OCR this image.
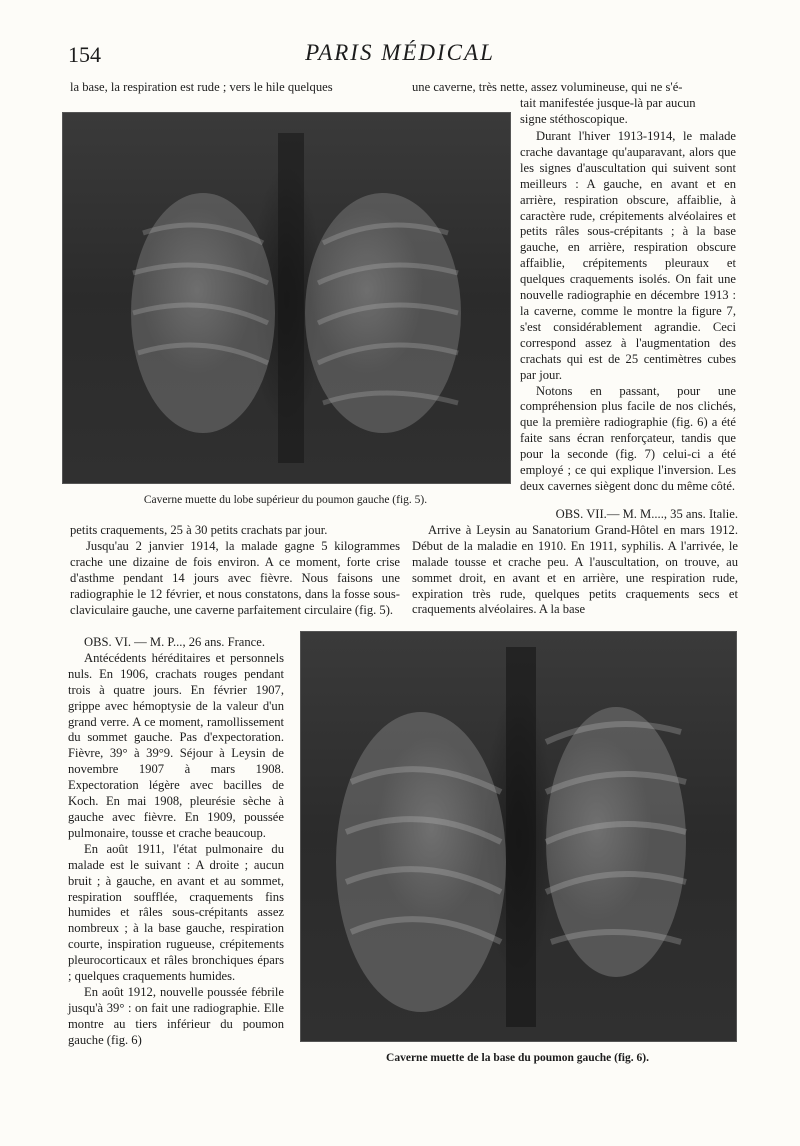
154	PARIS MÉDICAL
la base, la respiration est rude ; vers le hile quelques	une caverne, très nette, assez volumineuse, qui ne s'é-

tait manifestée jusque-là par aucun

signe stéthoscopique.

Caverne muette du lobe supérieur du poumon gauche (fig. 5).

Durant l'hiver 1913-1914, le malade crache davantage qu'auparavant, alors que les signes d'auscultation qui suivent sont meilleurs : A gauche, en avant et en arrière, respiration obscure, affaiblie, à caractère rude, crépitements alvéolaires et petits râles sous-crépitants ; à la base gauche, en arrière, respiration obscure affaiblie, crépitements pleuraux et quelques craquements isolés. On fait une nouvelle radiographie en décembre 1913 : la caverne, comme le montre la figure 7, s'est considérablement agrandie. Ceci correspond assez à l'augmentation des crachats qui est de 25 centimètres cubes par jour.

Notons en passant, pour une compréhension plus facile de nos clichés, que la première radiographie (fig. 6) a été faite sans écran renforçateur, tandis que pour la seconde (fig. 7) celui-ci a été employé ; ce qui explique l'inversion. Les deux cavernes siègent donc du même côté.

OBS. VII.— M. M...., 35 ans. Italie.

Arrive à Leysin au Sanatorium Grand-Hôtel en mars 1912. Début de la maladie en 1910. En 1911, syphilis. A l'arrivée, le malade tousse et crache peu. A l'auscultation, on trouve, au sommet droit, en avant et en arrière, une respiration rude, expiration très rude, quelques petits craquements secs et craquements alvéolaires. A la base

petits craquements, 25 à 30 petits crachats par jour.

Jusqu'au 2 janvier 1914, la malade gagne 5 kilogrammes crache une dizaine de fois environ. A ce moment, forte crise d'asthme pendant 14 jours avec fièvre. Nous faisons une radiographie le 12 février, et nous constatons, dans la fosse sous-claviculaire gauche, une caverne parfaitement circulaire (fig. 5).

OBS. VI. — M. P..., 26 ans. France.

Antécédents héréditaires et personnels nuls. En 1906, crachats rouges pendant trois à quatre jours. En février 1907, grippe avec hémoptysie de la valeur d'un grand verre. A ce moment, ramollissement du sommet gauche. Pas d'expectoration. Fièvre, 39° à 39°9. Séjour à Leysin de novembre 1907 à mars 1908. Expectoration légère avec bacilles de Koch. En mai 1908, pleurésie sèche à gauche avec fièvre. En 1909, poussée pulmonaire, tousse et crache beaucoup.

En août 1911, l'état pulmonaire du malade est le suivant : A droite ; aucun bruit ; à gauche, en avant et au sommet, respiration soufflée, craquements fins humides et râles sous-crépitants assez nombreux ; à la base gauche, respiration courte, inspiration rugueuse, crépitements pleurocorticaux et râles bronchiques épars ; quelques craquements humides.

En août 1912, nouvelle poussée fébrile jusqu'à 39° : on fait une radiographie. Elle montre au tiers inférieur du poumon gauche (fig. 6)

Caverne muette de la base du poumon gauche (fig. 6).
